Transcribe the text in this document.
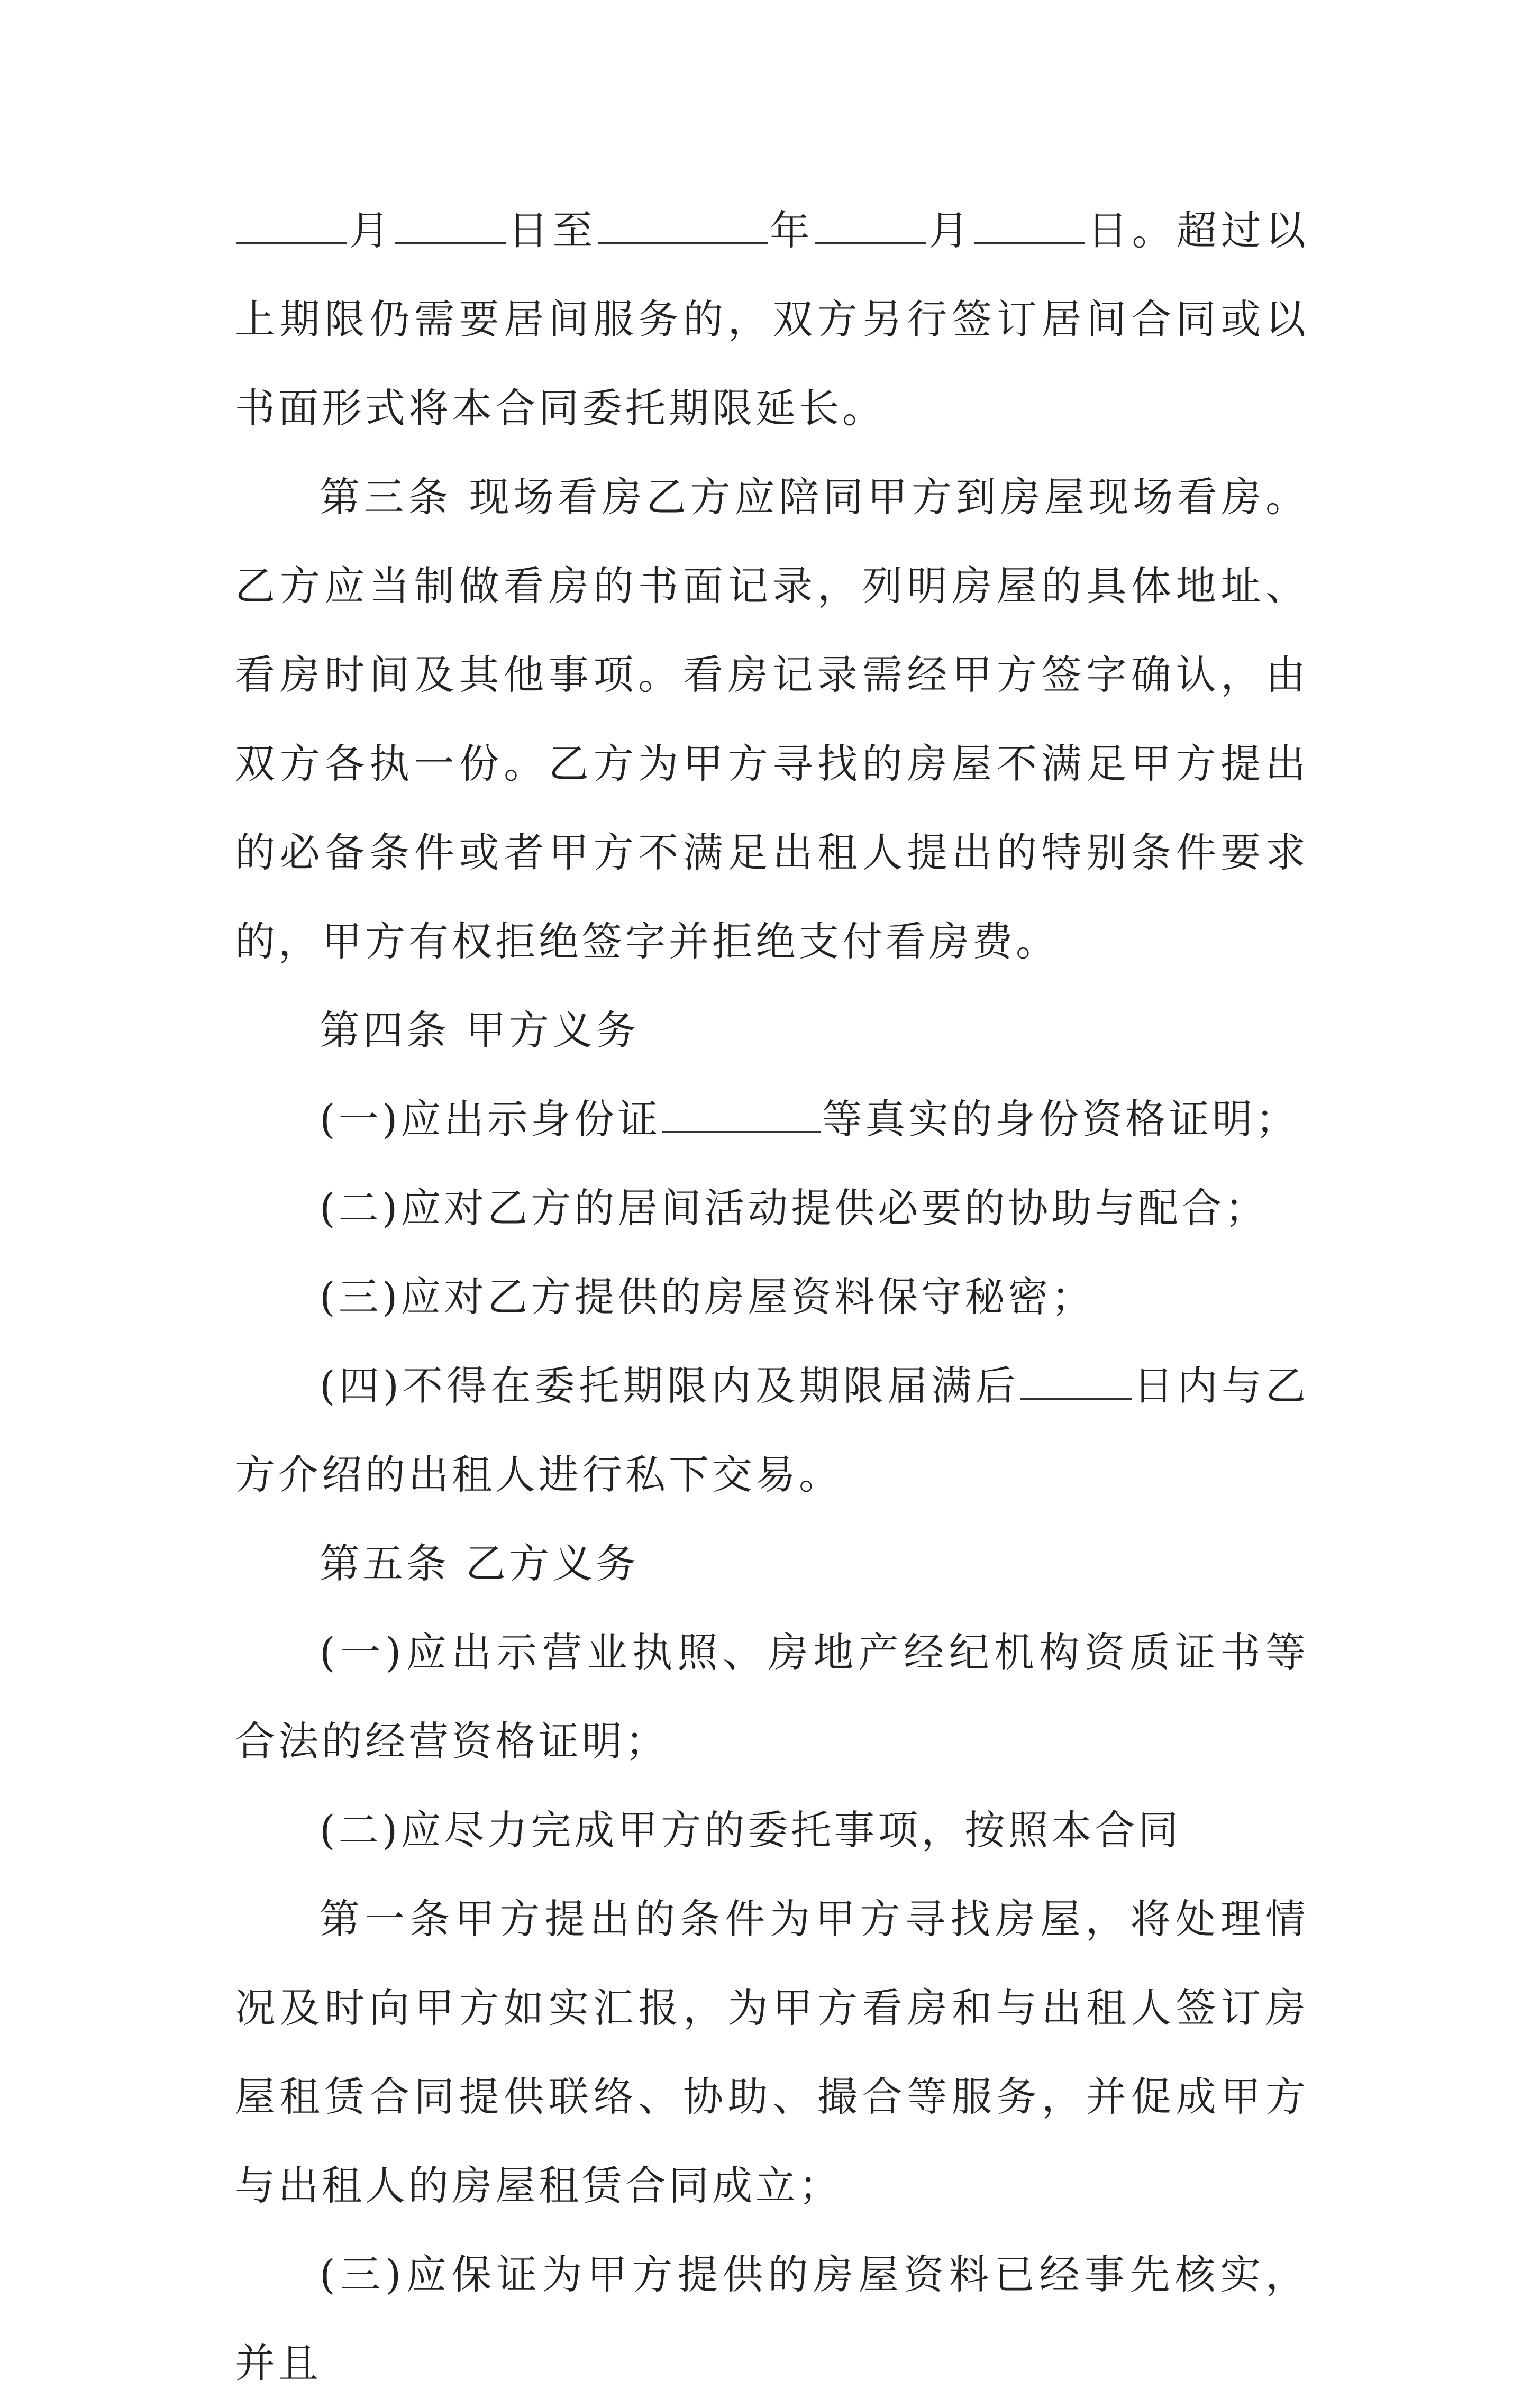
月	日至	年	月	日。超过以上期限仍需要居间服务的，双方另行签订居间合同或以书面形式将本合同委托期限延长。

第三条 现场看房乙方应陪同甲方到房屋现场看房。乙方应当制做看房的书面记录，列明房屋的具体地址、看房时间及其他事项。看房记录需经甲方签字确认，由双方各执一份。乙方为甲方寻找的房屋不满足甲方提出的必备条件或者甲方不满足出租人提出的特别条件要求的，甲方有权拒绝签字并拒绝支付看房费。

第四条 甲方义务

(一)应出示身份证	等真实的身份资格证明；

(二)应对乙方的居间活动提供必要的协助与配合；

(三)应对乙方提供的房屋资料保守秘密；

(四)不得在委托期限内及期限届满后	日内与乙方介绍的出租人进行私下交易。

第五条 乙方义务

(一)应出示营业执照、房地产经纪机构资质证书等合法的经营资格证明；

(二)应尽力完成甲方的委托事项，按照本合同

第一条甲方提出的条件为甲方寻找房屋，将处理情况及时向甲方如实汇报，为甲方看房和与出租人签订房屋租赁合同提供联络、协助、撮合等服务，并促成甲方与出租人的房屋租赁合同成立；

(三)应保证为甲方提供的房屋资料已经事先核实，并且
